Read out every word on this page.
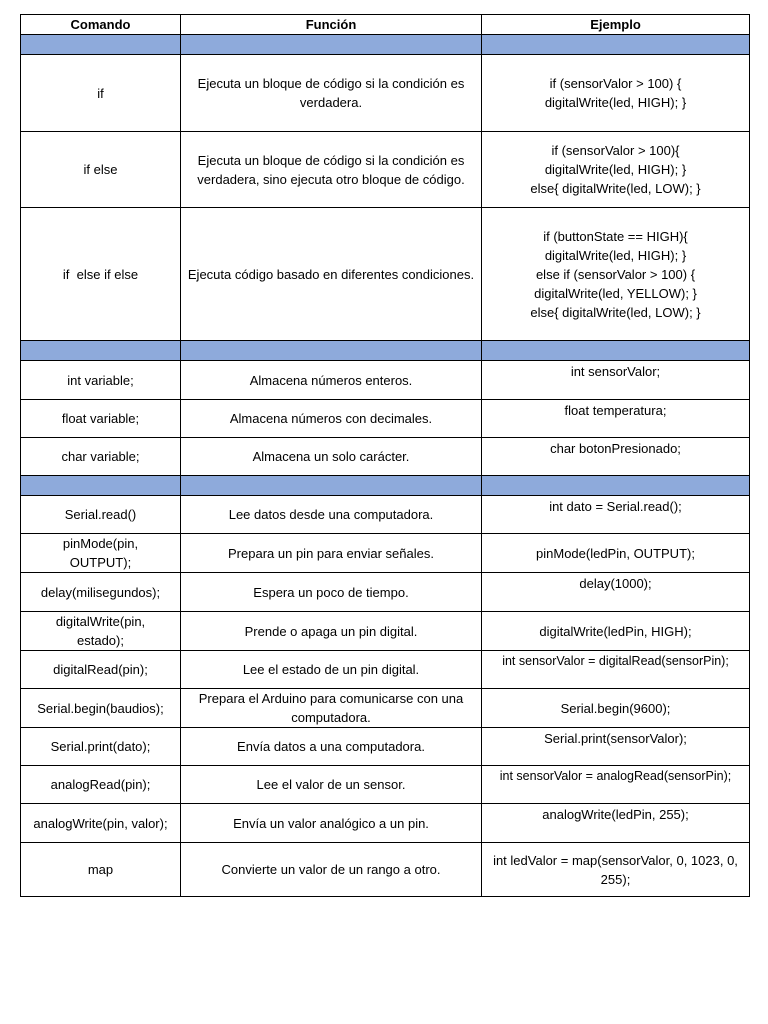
Comando	Función	Ejemplo

if	Ejecuta un bloque de código si la condición es verdadera.	if (sensorValor > 100) {
digitalWrite(led, HIGH); }

if else	Ejecuta un bloque de código si la condición es verdadera, sino ejecuta otro bloque de código.	if (sensorValor > 100){
digitalWrite(led, HIGH); }
else{ digitalWrite(led, LOW); }

if  else if else	Ejecuta código basado en diferentes condiciones.	if (buttonState == HIGH){
digitalWrite(led, HIGH); }
else if (sensorValor > 100) {
digitalWrite(led, YELLOW); }
else{ digitalWrite(led, LOW); }

int variable;	Almacena números enteros.	int sensorValor;
float variable;	Almacena números con decimales.	float temperatura;
char variable;	Almacena un solo carácter.	char botonPresionado;

Serial.read()	Lee datos desde una computadora.	int dato = Serial.read();
pinMode(pin, OUTPUT);	Prepara un pin para enviar señales.	pinMode(ledPin, OUTPUT);
delay(milisegundos);	Espera un poco de tiempo.	delay(1000);
digitalWrite(pin, estado);	Prende o apaga un pin digital.	digitalWrite(ledPin, HIGH);
digitalRead(pin);	Lee el estado de un pin digital.	int sensorValor = digitalRead(sensorPin);
Serial.begin(baudios);	Prepara el Arduino para comunicarse con una computadora.	Serial.begin(9600);
Serial.print(dato);	Envía datos a una computadora.	Serial.print(sensorValor);
analogRead(pin);	Lee el valor de un sensor.	int sensorValor = analogRead(sensorPin);
analogWrite(pin, valor);	Envía un valor analógico a un pin.	analogWrite(ledPin, 255);
map	Convierte un valor de un rango a otro.	int ledValor = map(sensorValor, 0, 1023, 0, 255);
